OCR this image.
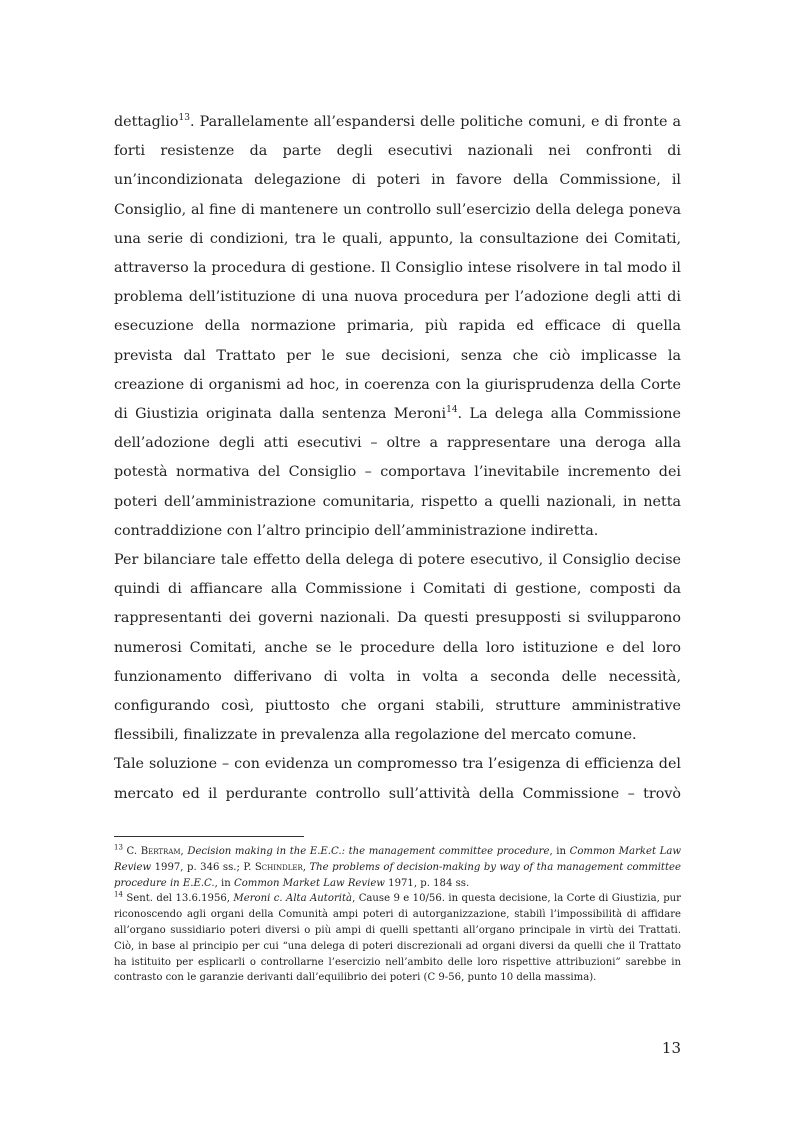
dettaglio$^{13}$. Parallelamente all’espandersi delle politiche comuni, e di fronte a forti resistenze da parte degli esecutivi nazionali nei confronti di un’incondizionata delegazione di poteri in favore della Commissione, il Consiglio, al fine di mantenere un controllo sull’esercizio della delega poneva una serie di condizioni, tra le quali, appunto, la consultazione dei Comitati, attraverso la procedura di gestione. Il Consiglio intese risolvere in tal modo il problema dell’istituzione di una nuova procedura per l’adozione degli atti di esecuzione della normazione primaria, più rapida ed efficace di quella prevista dal Trattato per le sue decisioni, senza che ciò implicasse la creazione di organismi ad hoc, in coerenza con la giurisprudenza della Corte di Giustizia originata dalla sentenza Meroni$^{14}$. La delega alla Commissione dell’adozione degli atti esecutivi – oltre a rappresentare una deroga alla potestà normativa del Consiglio – comportava l’inevitabile incremento dei poteri dell’amministrazione comunitaria, rispetto a quelli nazionali, in netta contraddizione con l’altro principio dell’amministrazione indiretta.

Per bilanciare tale effetto della delega di potere esecutivo, il Consiglio decise quindi di affiancare alla Commissione i Comitati di gestione, composti da rappresentanti dei governi nazionali. Da questi presupposti si svilupparono numerosi Comitati, anche se le procedure della loro istituzione e del loro funzionamento differivano di volta in volta a seconda delle necessità, configurando così, piuttosto che organi stabili, strutture amministrative flessibili, finalizzate in prevalenza alla regolazione del mercato comune.

Tale soluzione – con evidenza un compromesso tra l’esigenza di efficienza del mercato ed il perdurante controllo sull’attività della Commissione – trovò

$^{13}$ C. Bertram, Decision making in the E.E.C.: the management committee procedure, in Common Market Law Review 1997, p. 346 ss.; P. Schindler, The problems of decision-making by way of tha management committee procedure in E.E.C., in Common Market Law Review 1971, p. 184 ss.

$^{14}$ Sent. del 13.6.1956, Meroni c. Alta Autorità, Cause 9 e 10/56. in questa decisione, la Corte di Giustizia, pur riconoscendo agli organi della Comunità ampi poteri di autorganizzazione, stabilì l’impossibilità di affidare all’organo sussidiario poteri diversi o più ampi di quelli spettanti all’organo principale in virtù dei Trattati. Ciò, in base al principio per cui “una delega di poteri discrezionali ad organi diversi da quelli che il Trattato ha istituito per esplicarli o controllarne l’esercizio nell’ambito delle loro rispettive attribuzioni” sarebbe in contrasto con le garanzie derivanti dall’equilibrio dei poteri (C 9-56, punto 10 della massima).

13
